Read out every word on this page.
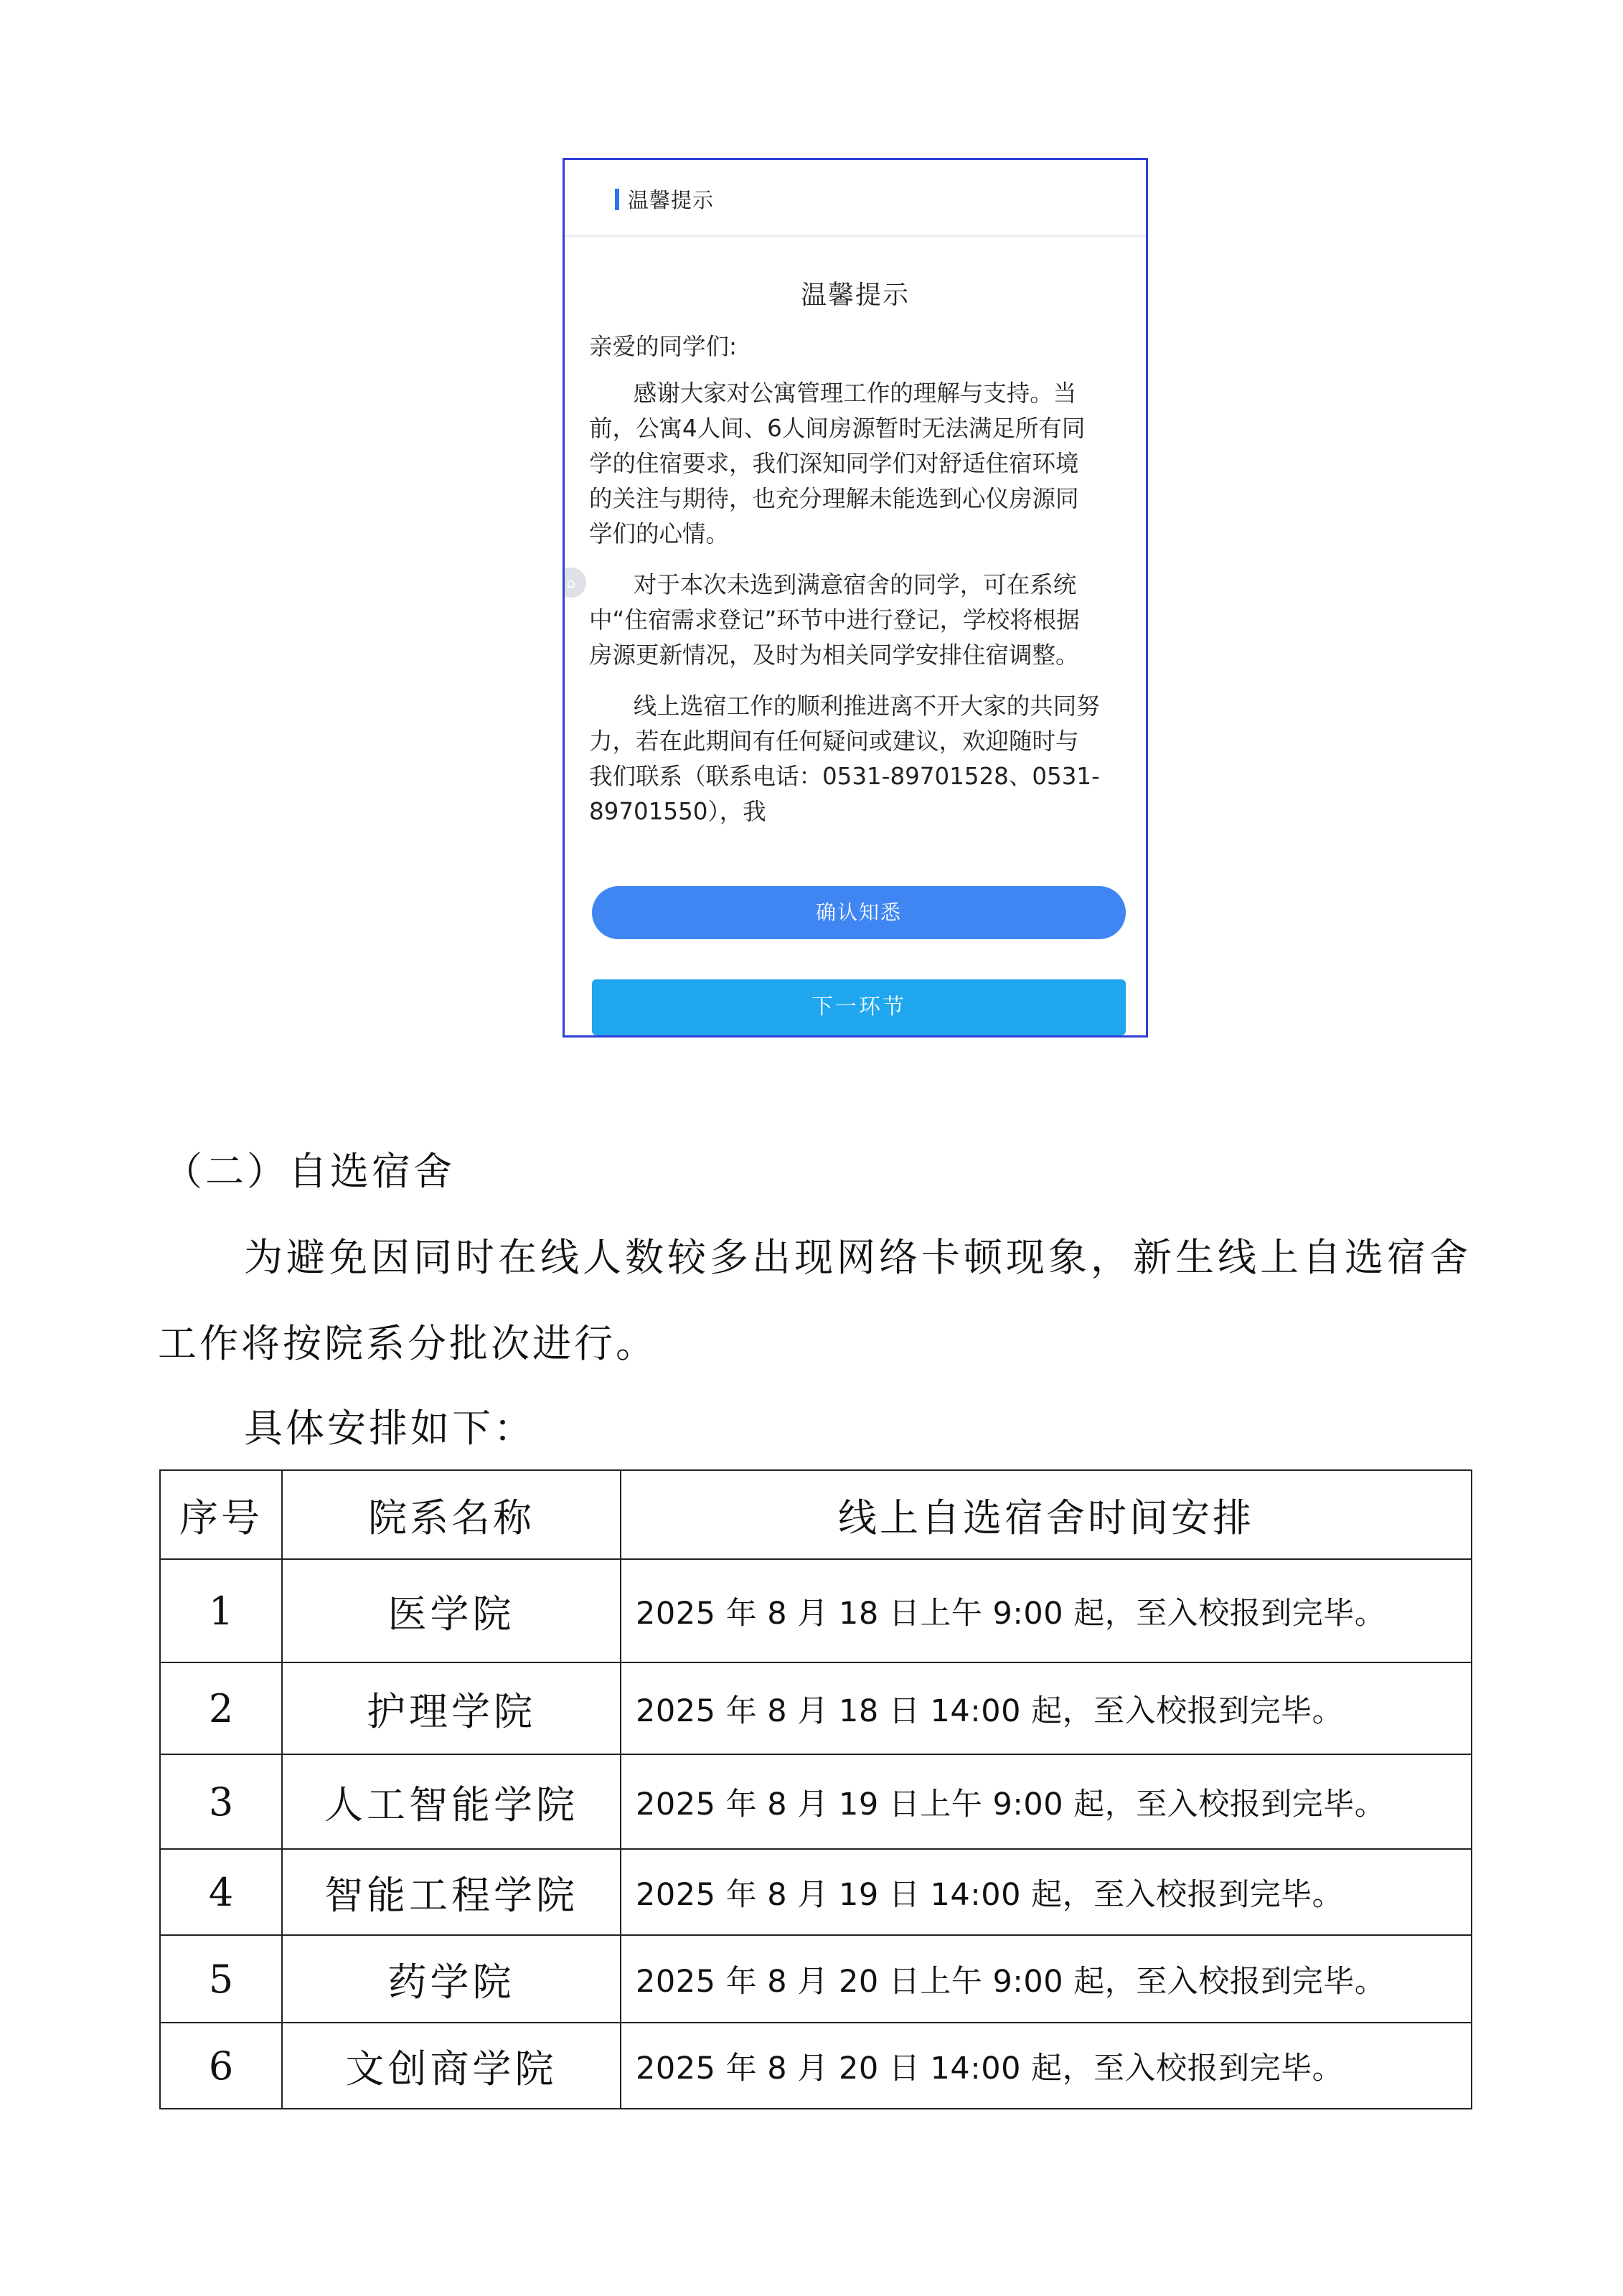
温馨提示
温馨提示

亲爱的同学们:

感谢大家对公寓管理工作的理解与支持。当前，公寓4人间、6人间房源暂时无法满足所有同学的住宿要求，我们深知同学们对舒适住宿环境的关注与期待，也充分理解未能选到心仪房源同学们的心情。

对于本次未选到满意宿舍的同学，可在系统中“住宿需求登记”环节中进行登记，学校将根据房源更新情况，及时为相关同学安排住宿调整。

线上选宿工作的顺利推进离不开大家的共同努力，若在此期间有任何疑问或建议，欢迎随时与我们联系（联系电话：0531-89701528、0531-89701550），我

⌂
确认知悉
下一环节
（二）自选宿舍
为避免因同时在线人数较多出现网络卡顿现象，新生线上自选宿舍
工作将按院系分批次进行。
具体安排如下：
序号	院系名称	线上自选宿舍时间安排
1	医学院	2025 年 8 月 18 日上午 9:00 起，至入校报到完毕。
2	护理学院	2025 年 8 月 18 日 14:00 起，至入校报到完毕。
3	人工智能学院	2025 年 8 月 19 日上午 9:00 起，至入校报到完毕。
4	智能工程学院	2025 年 8 月 19 日 14:00 起，至入校报到完毕。
5	药学院	2025 年 8 月 20 日上午 9:00 起，至入校报到完毕。
6	文创商学院	2025 年 8 月 20 日 14:00 起，至入校报到完毕。
